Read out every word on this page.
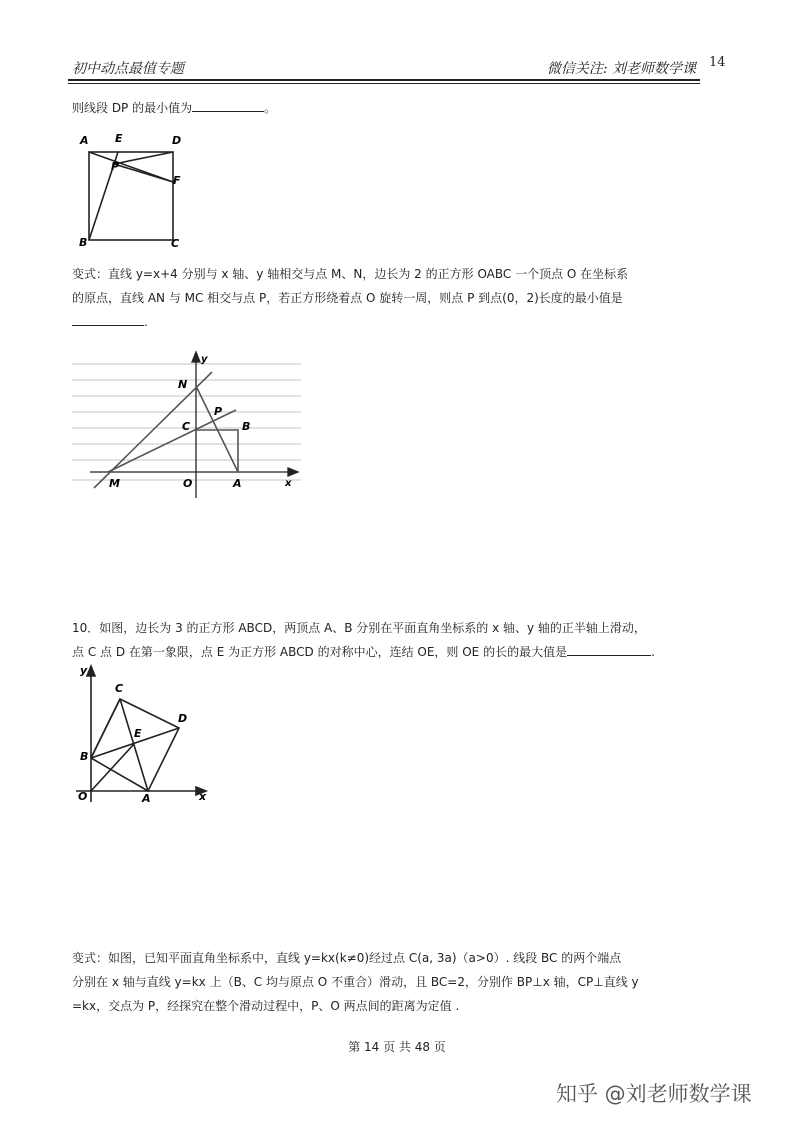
初中动点最值专题	微信关注: 刘老师数学课 14
则线段 DP 的最小值为	。
A E	D
P
F
B	C
变式：直线 y=x+4 分别与 x 轴、y 轴相交与点 M、N，边长为 2 的正方形 OABC 一个顶点 O 在坐标系
的原点，直线 AN 与 MC 相交与点 P，若正方形绕着点 O 旋转一周，则点 P 到点(0，2)长度的最小值是
.
y
x
N
P
C	B
M	O	A
10．如图，边长为 3 的正方形 ABCD，两顶点 A、B 分别在平面直角坐标系的 x 轴、y 轴的正半轴上滑动，
点 C 点 D 在第一象限，点 E 为正方形 ABCD 的对称中心，连结 OE，则 OE 的长的最大值是	.
y
x
C
D
E
B
O	A
变式：如图，已知平面直角坐标系中，直线 y=kx(k≠0)经过点 C(a, 3a)（a>0）. 线段 BC 的两个端点
分别在 x 轴与直线 y=kx 上（B、C 均与原点 O 不重合）滑动，且 BC=2，分别作 BP⊥x 轴，CP⊥直线 y
=kx，交点为 P，经探究在整个滑动过程中，P、O 两点间的距离为定值 .
第 14 页 共 48 页
知乎 @刘老师数学课
